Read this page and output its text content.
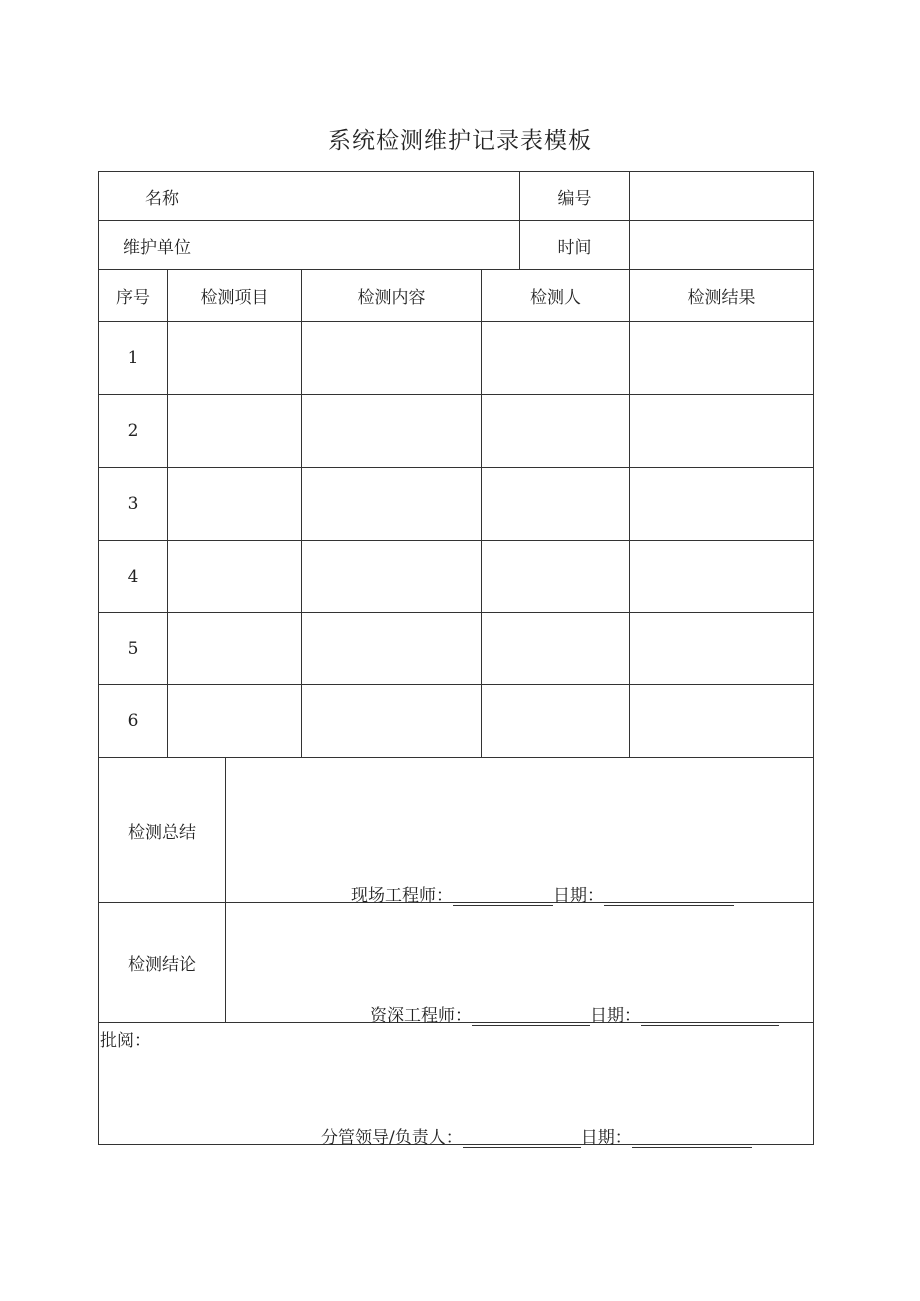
系统检测维护记录表模板
名称	编号
维护单位	时间
序号	检测项目	检测内容	检测人	检测结果
1
2
3
4
5
6
检测总结
现场工程师：	日期：
检测结论
资深工程师：	日期：
批阅：
分管领导/负责人：	日期：
